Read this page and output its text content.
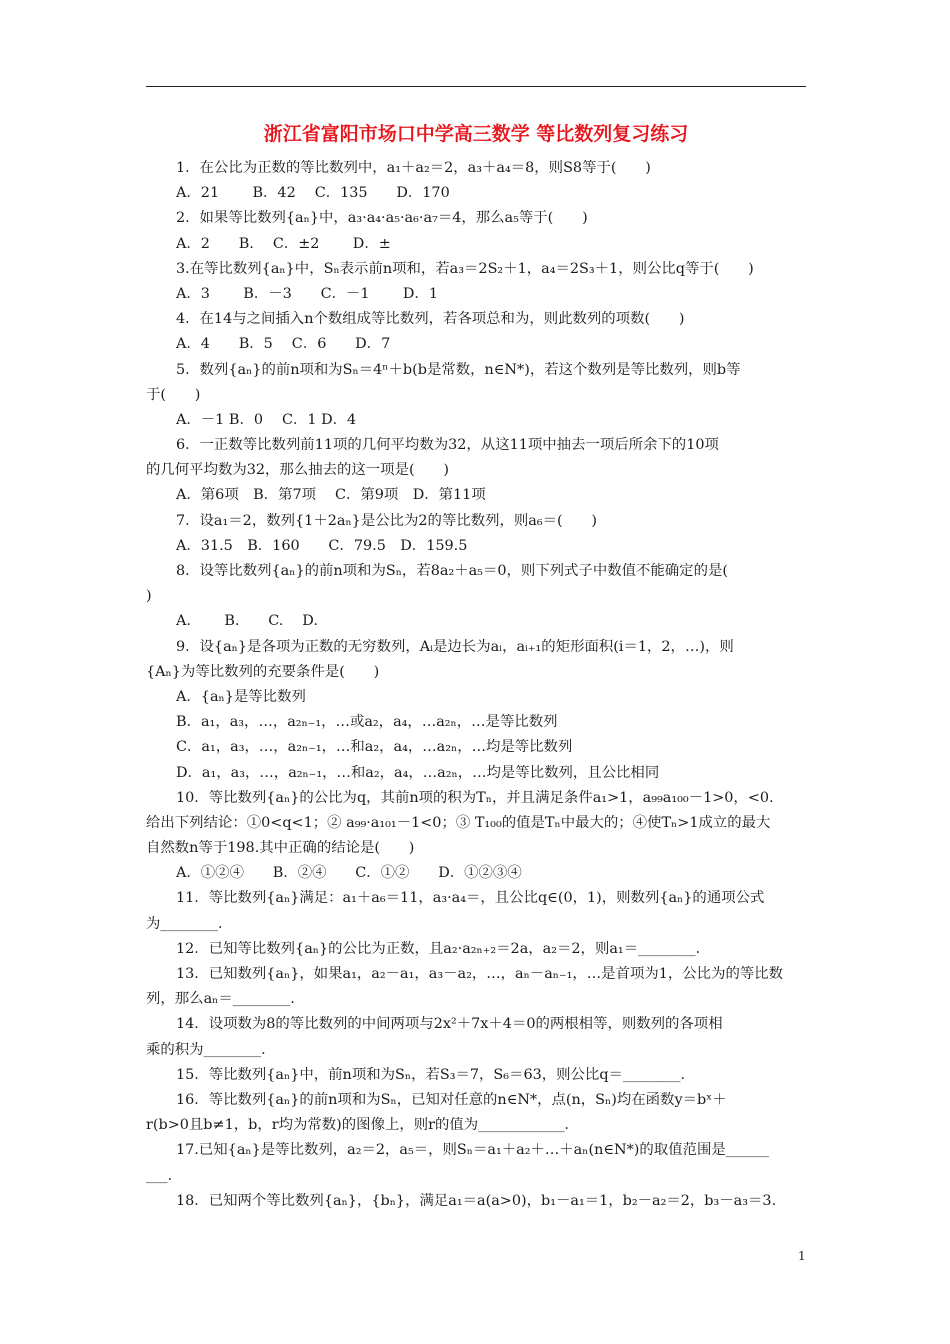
浙江省富阳市场口中学高三数学 等比数列复习练习
1．在公比为正数的等比数列中，a₁＋a₂＝2，a₃＋a₄＝8，则S8等于(　　)
A．21　　 B．42　 C．135　　D．170
2．如果等比数列{aₙ}中，a₃·a₄·a₅·a₆·a₇＝4，那么a₅等于(　　)
A．2　　B.　 C．±2　　 D．±
3.在等比数列{aₙ}中，Sₙ表示前n项和，若a₃＝2S₂＋1，a₄＝2S₃＋1，则公比q等于(　　)
A．3　　 B．－3　　C．－1　　 D．1
4．在14与之间插入n个数组成等比数列，若各项总和为，则此数列的项数(　　)
A．4　　B．5　 C．6　　D．7
5．数列{aₙ}的前n项和为Sₙ＝4ⁿ＋b(b是常数，n∈N*)，若这个数列是等比数列，则b等
于(　　)
A．－1 B．0　 C．1 D．4
6．一正数等比数列前11项的几何平均数为32，从这11项中抽去一项后所余下的10项
的几何平均数为32，那么抽去的这一项是(　　)
A．第6项　B．第7项　 C．第9项　D．第11项
7．设a₁＝2，数列{1＋2aₙ}是公比为2的等比数列，则a₆＝(　　)
A．31.5　B．160　　C．79.5　D．159.5
8．设等比数列{aₙ}的前n项和为Sₙ，若8a₂＋a₅＝0，则下列式子中数值不能确定的是(
)
A.　　 B.　　C.　 D.
9．设{aₙ}是各项为正数的无穷数列，Aᵢ是边长为aᵢ，aᵢ₊₁的矩形面积(i＝1，2，…)，则
{Aₙ}为等比数列的充要条件是(　　)
A．{aₙ}是等比数列
B．a₁，a₃，…，a₂ₙ₋₁，…或a₂，a₄，…a₂ₙ，…是等比数列
C．a₁，a₃，…，a₂ₙ₋₁，…和a₂，a₄，…a₂ₙ，…均是等比数列
D．a₁，a₃，…，a₂ₙ₋₁，…和a₂，a₄，…a₂ₙ，…均是等比数列，且公比相同
10．等比数列{aₙ}的公比为q，其前n项的积为Tₙ，并且满足条件a₁>1，a₉₉a₁₀₀－1>0，<0.
给出下列结论：①0<q<1；② a₉₉·a₁₀₁－1<0；③ T₁₀₀的值是Tₙ中最大的；④使Tₙ>1成立的最大
自然数n等于198.其中正确的结论是(　　)
A．①②④　　B．②④　　C．①②　　D．①②③④
11．等比数列{aₙ}满足：a₁＋a₆＝11，a₃·a₄＝，且公比q∈(0，1)，则数列{aₙ}的通项公式
为________．
12．已知等比数列{aₙ}的公比为正数，且a₂·a₂ₙ₊₂＝2a，a₂＝2，则a₁＝________．
13．已知数列{aₙ}，如果a₁，a₂－a₁，a₃－a₂，…，aₙ－aₙ₋₁，…是首项为1，公比为的等比数
列，那么aₙ＝________．
14．设项数为8的等比数列的中间两项与2x²＋7x＋4＝0的两根相等，则数列的各项相
乘的积为________．
15．等比数列{aₙ}中，前n项和为Sₙ，若S₃＝7，S₆＝63，则公比q＝________．
16．等比数列{aₙ}的前n项和为Sₙ，已知对任意的n∈N*，点(n，Sₙ)均在函数y＝bˣ＋
r(b>0且b≠1，b，r均为常数)的图像上，则r的值为____________．
17.已知{aₙ}是等比数列，a₂＝2，a₅＝，则Sₙ＝a₁＋a₂＋…＋aₙ(n∈N*)的取值范围是______
___．
18．已知两个等比数列{aₙ}，{bₙ}，满足a₁＝a(a>0)，b₁－a₁＝1，b₂－a₂＝2，b₃－a₃＝3.
1
